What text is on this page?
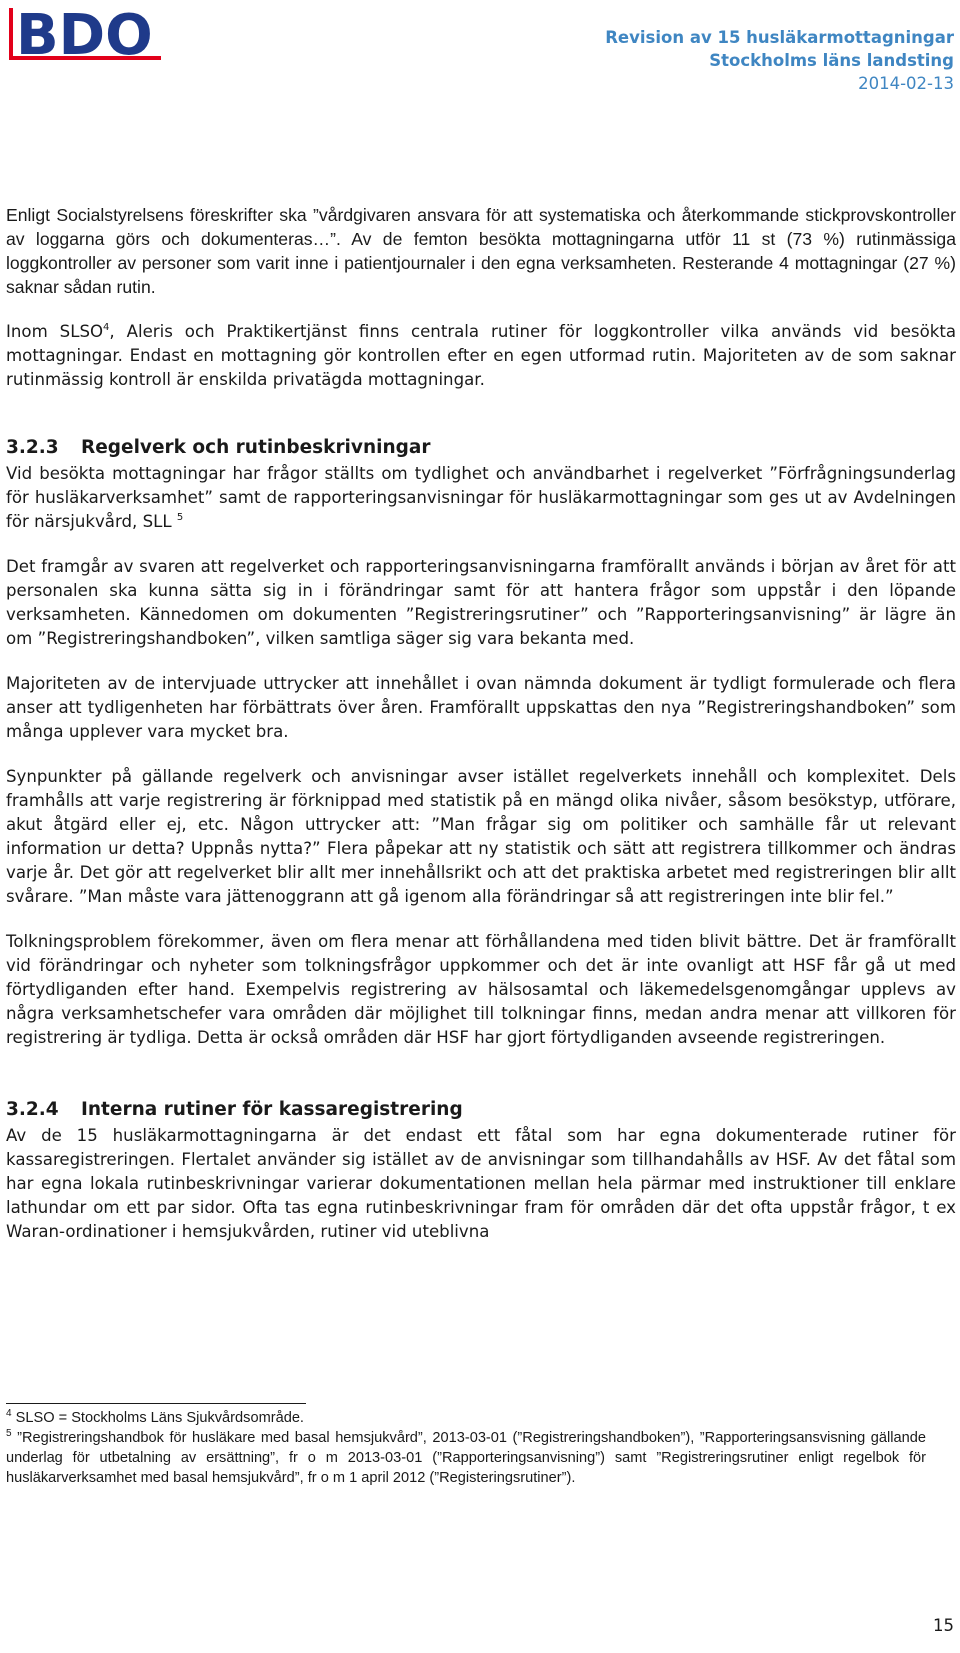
BDO	Revision av 15 husläkarmottagningar
Stockholms läns landsting
2014-02-13

Enligt Socialstyrelsens föreskrifter ska ”vårdgivaren ansvara för att systematiska och återkommande stickprovskontroller av loggarna görs och dokumenteras…”. Av de femton besökta mottagningarna utför 11 st (73 %) rutinmässiga loggkontroller av personer som varit inne i patientjournaler i den egna verksamheten. Resterande 4 mottagningar (27 %) saknar sådan rutin.

Inom SLSO$^4$, Aleris och Praktikertjänst finns centrala rutiner för loggkontroller vilka används vid besökta mottagningar. Endast en mottagning gör kontrollen efter en egen utformad rutin. Majoriteten av de som saknar rutinmässig kontroll är enskilda privatägda mottagningar.

3.2.3 Regelverk och rutinbeskrivningar

Vid besökta mottagningar har frågor ställts om tydlighet och användbarhet i regelverket ”Förfrågningsunderlag för husläkarverksamhet” samt de rapporteringsanvisningar för husläkarmottagningar som ges ut av Avdelningen för närsjukvård, SLL $^5$

Det framgår av svaren att regelverket och rapporteringsanvisningarna framförallt används i början av året för att personalen ska kunna sätta sig in i förändringar samt för att hantera frågor som uppstår i den löpande verksamheten. Kännedomen om dokumenten ”Registreringsrutiner” och ”Rapporteringsanvisning” är lägre än om ”Registreringshandboken”, vilken samtliga säger sig vara bekanta med.

Majoriteten av de intervjuade uttrycker att innehållet i ovan nämnda dokument är tydligt formulerade och flera anser att tydligenheten har förbättrats över åren. Framförallt uppskattas den nya ”Registreringshandboken” som många upplever vara mycket bra.

Synpunkter på gällande regelverk och anvisningar avser istället regelverkets innehåll och komplexitet. Dels framhålls att varje registrering är förknippad med statistik på en mängd olika nivåer, såsom besökstyp, utförare, akut åtgärd eller ej, etc. Någon uttrycker att: ”Man frågar sig om politiker och samhälle får ut relevant information ur detta? Uppnås nytta?” Flera påpekar att ny statistik och sätt att registrera tillkommer och ändras varje år. Det gör att regelverket blir allt mer innehållsrikt och att det praktiska arbetet med registreringen blir allt svårare. ”Man måste vara jättenoggrann att gå igenom alla förändringar så att registreringen inte blir fel.”

Tolkningsproblem förekommer, även om flera menar att förhållandena med tiden blivit bättre. Det är framförallt vid förändringar och nyheter som tolkningsfrågor uppkommer och det är inte ovanligt att HSF får gå ut med förtydliganden efter hand. Exempelvis registrering av hälsosamtal och läkemedelsgenomgångar upplevs av några verksamhetschefer vara områden där möjlighet till tolkningar finns, medan andra menar att villkoren för registrering är tydliga. Detta är också områden där HSF har gjort förtydliganden avseende registreringen.

3.2.4 Interna rutiner för kassaregistrering

Av de 15 husläkarmottagningarna är det endast ett fåtal som har egna dokumenterade rutiner för kassaregistreringen. Flertalet använder sig istället av de anvisningar som tillhandahålls av HSF. Av det fåtal som har egna lokala rutinbeskrivningar varierar dokumentationen mellan hela pärmar med instruktioner till enklare lathundar om ett par sidor. Ofta tas egna rutinbeskrivningar fram för områden där det ofta uppstår frågor, t ex Waran-ordinationer i hemsjukvården, rutiner vid uteblivna

$^4$ SLSO = Stockholms Läns Sjukvårdsområde.
$^5$ ”Registreringshandbok för husläkare med basal hemsjukvård”, 2013-03-01 (”Registreringshandboken”), ”Rapporteringsansvisning gällande underlag för utbetalning av ersättning”, fr o m 2013-03-01 (”Rapporteringsanvisning”) samt ”Registreringsrutiner enligt regelbok för husläkarverksamhet med basal hemsjukvård”, fr o m 1 april 2012 (”Registeringsrutiner”).
15
